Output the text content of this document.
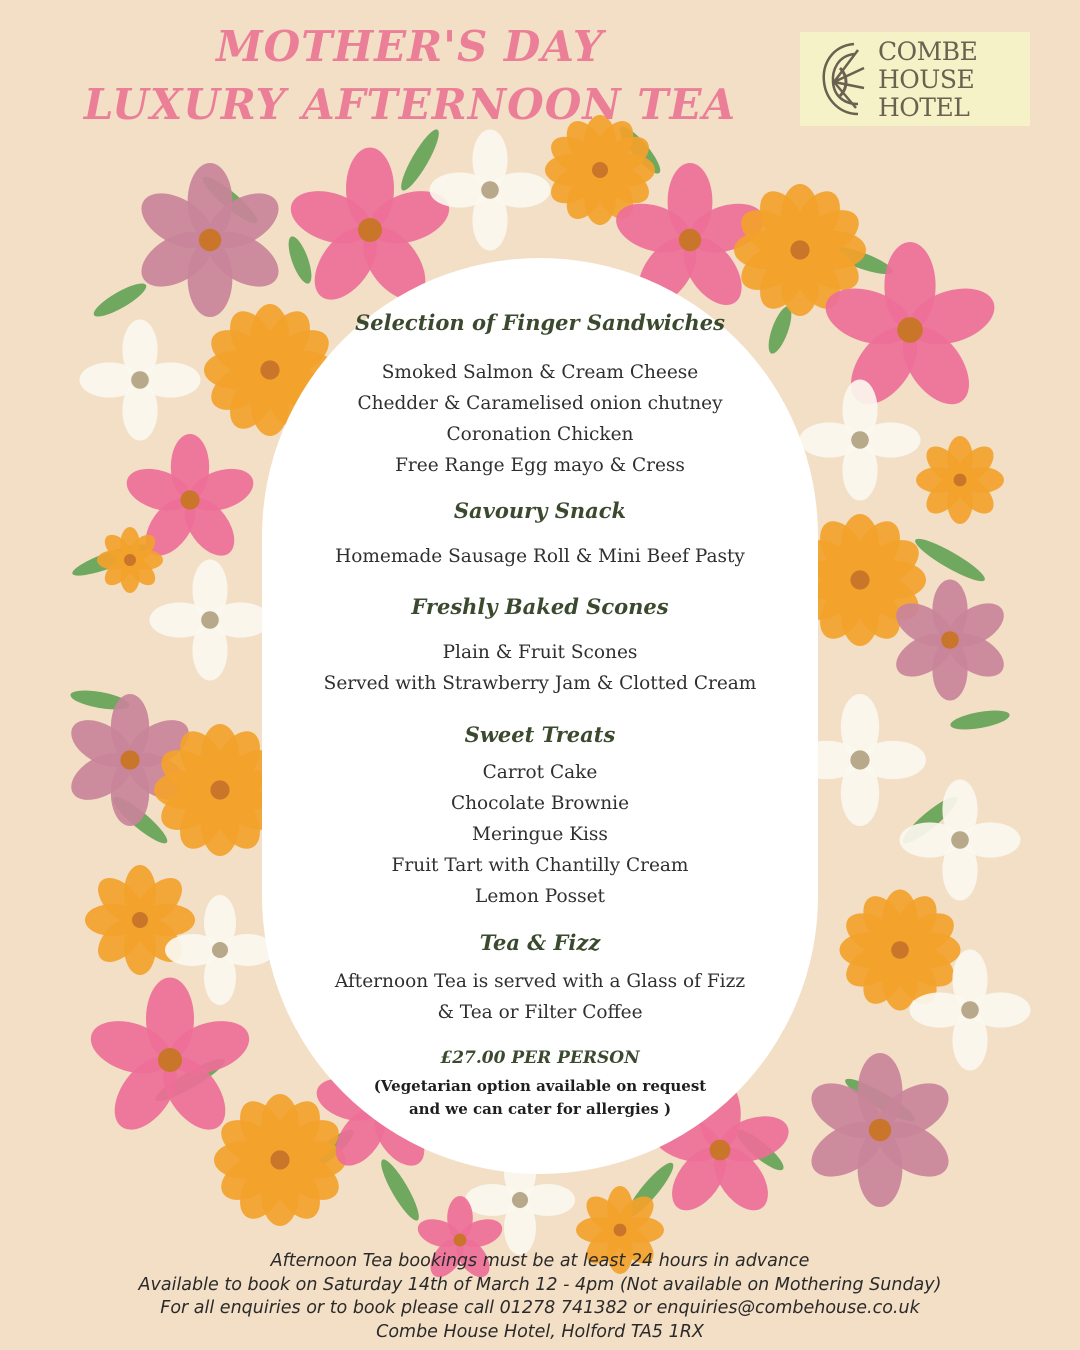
MOTHER'S DAY
LUXURY AFTERNOON TEA
COMBE
HOUSE
HOTEL
Selection of Finger Sandwiches
Smoked Salmon & Cream Cheese
Chedder & Caramelised onion chutney
Coronation Chicken
Free Range Egg mayo & Cress
Savoury Snack
Homemade Sausage Roll & Mini Beef Pasty
Freshly Baked Scones
Plain & Fruit Scones
Served with Strawberry Jam & Clotted Cream
Sweet Treats
Carrot Cake
Chocolate Brownie
Meringue Kiss
Fruit Tart with Chantilly Cream
Lemon Posset
Tea & Fizz
Afternoon Tea is served with a Glass of Fizz
& Tea or Filter Coffee
£27.00 PER PERSON
(Vegetarian option available on request
and we can cater for allergies )
Afternoon Tea bookings must be at least 24 hours in advance
Available to book on Saturday 14th of March 12 - 4pm (Not available on Mothering Sunday)
For all enquiries or to book please call 01278 741382 or enquiries@combehouse.co.uk
Combe House Hotel, Holford TA5 1RX
